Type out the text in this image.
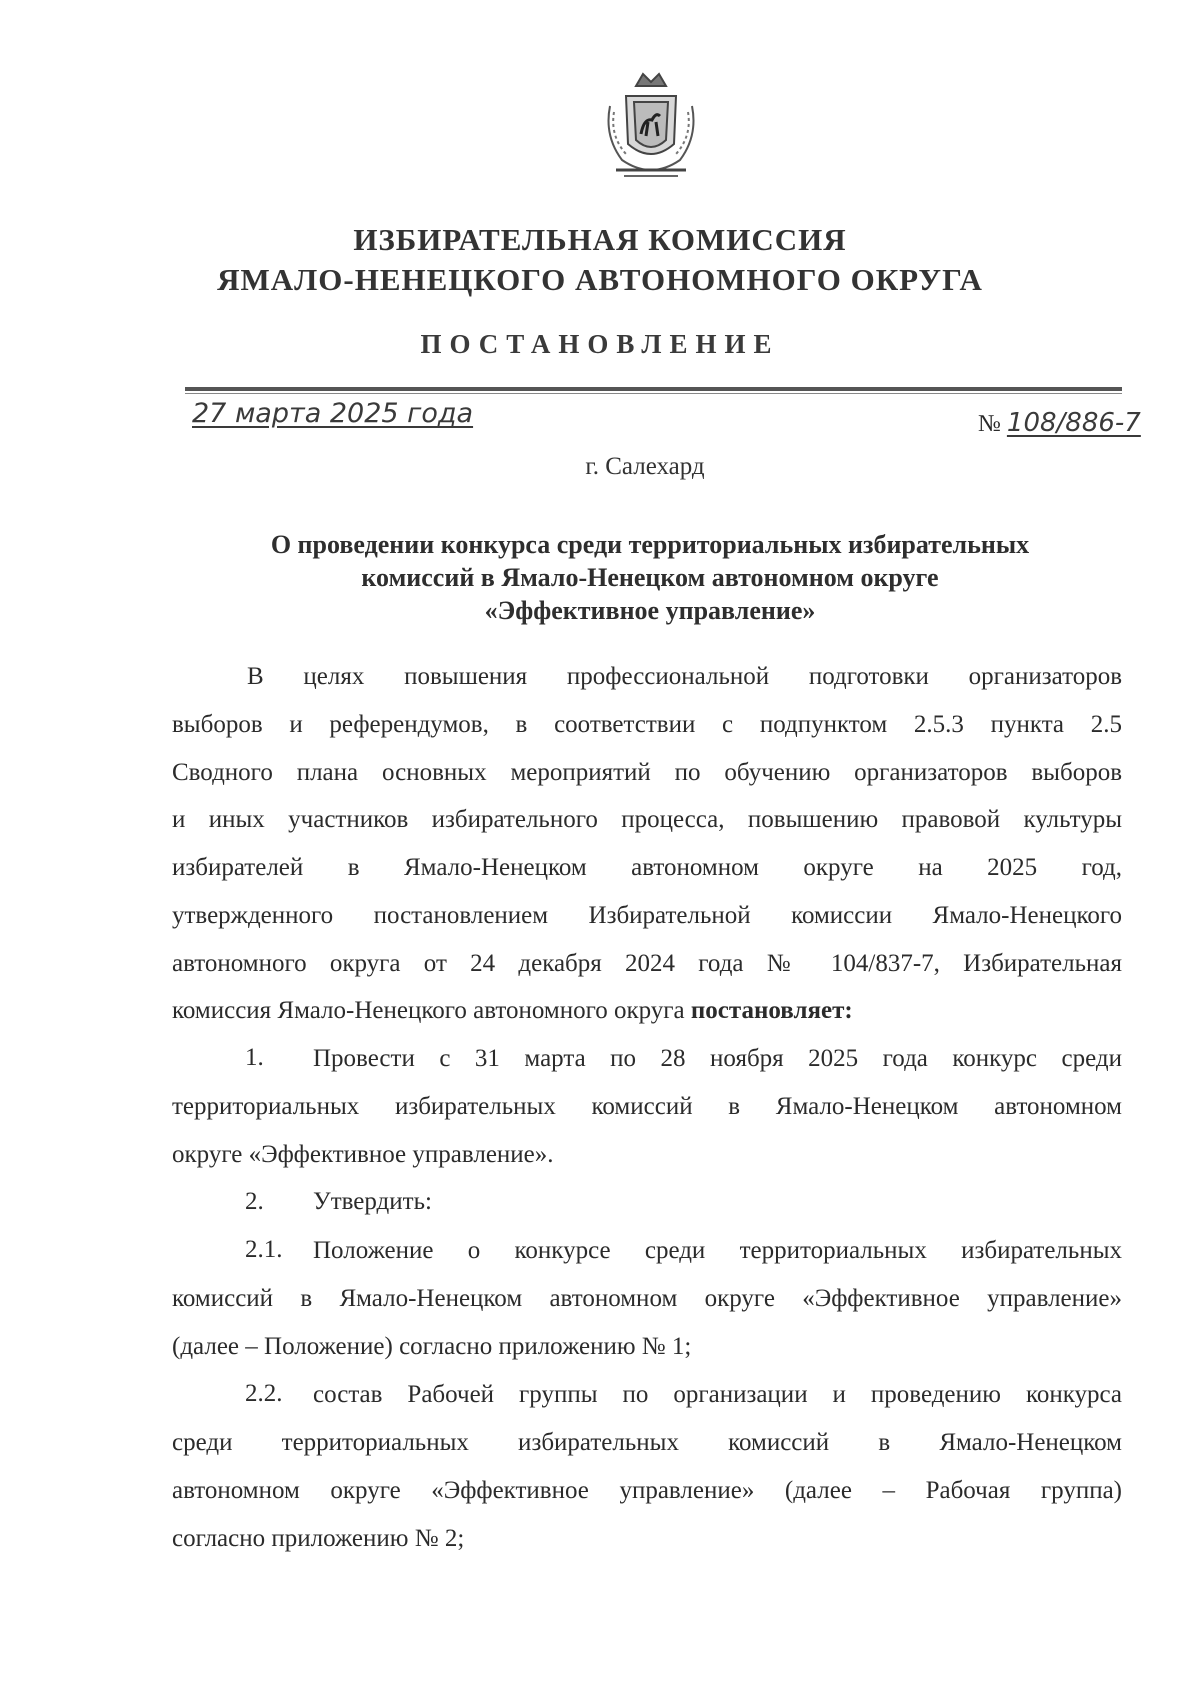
ИЗБИРАТЕЛЬНАЯ КОМИССИЯ
ЯМАЛО-НЕНЕЦКОГО АВТОНОМНОГО ОКРУГА
ПОСТАНОВЛЕНИЕ
27 марта 2025 года	№ 108/886-7
г. Салехард
О проведении конкурса среди территориальных избирательных
комиссий в Ямало-Ненецком автономном округе
«Эффективное управление»
В целях повышения профессиональной подготовки организаторов
выборов и референдумов, в соответствии с подпунктом 2.5.3 пункта 2.5
Сводного плана основных мероприятий по обучению организаторов выборов
и иных участников избирательного процесса, повышению правовой культуры
избирателей в Ямало-Ненецком автономном округе на 2025 год,
утвержденного постановлением Избирательной комиссии Ямало-Ненецкого
автономного округа от 24 декабря 2024 года № 104/837-7, Избирательная
комиссия Ямало-Ненецкого автономного округа постановляет:
1. Провести с 31 марта по 28 ноября 2025 года конкурс среди
территориальных избирательных комиссий в Ямало-Ненецком автономном
округе «Эффективное управление».
2. Утвердить:
2.1. Положение о конкурсе среди территориальных избирательных
комиссий в Ямало-Ненецком автономном округе «Эффективное управление»
(далее – Положение) согласно приложению № 1;
2.2. состав Рабочей группы по организации и проведению конкурса
среди территориальных избирательных комиссий в Ямало-Ненецком
автономном округе «Эффективное управление» (далее – Рабочая группа)
согласно приложению № 2;
